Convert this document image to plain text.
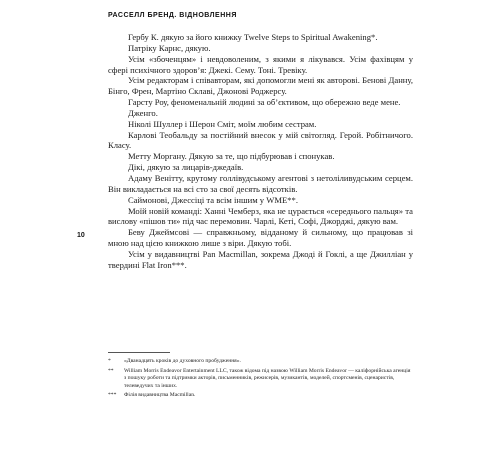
РАССЕЛЛ БРЕНД. ВІДНОВЛЕННЯ
10

Гербу К. дякую за його книжку Twelve Steps to Spiritual Awakening*.

Патріку Карнс, дякую.

Усім «збоченцям» і невдоволеним, з якими я лікувався. Усім фахівцям у сфері психічного здоров’я: Джекі. Сему. Тоні. Тревіку.

Усім редакторам і співавторам, які допомогли мені як авторові. Бенові Данну, Бінго, Френ, Мартіно Склаві, Джонові Роджерсу.

Гарсту Роу, феноменальній людині за об’єктивом, що обережно веде мене.

Дженго.

Ніколі Шуллер і Шерон Сміт, моїм любим сестрам.

Карлові Теобальду за постійний внесок у мій світогляд. Герой. Робітничого. Класу.

Метту Моргану. Дякую за те, що підбурював і спонукав.

Дікі, дякую за лицарів-джедаїв.

Адаму Венітту, крутому голлівудському агентові з нетоліливудським серцем. Він викладається на всі сто за свої десять відсотків.

Саймонові, Джессіці та всім іншим у WME**.

Моїй новій команді: Ханні Чемберз, яка не цурається «середнього пальця» та вислову «пішов ти» під час перемовин. Чарлі, Кеті, Софі, Джорджі, дякую вам.

Беву Джеймсові — справжньому, відданому й сильному, що працював зі мною над цією книжкою лише з віри. Дякую тобі.

Усім у видавництві Pan Macmillan, зокрема Джоді й Гоклі, а ще Джилліан у твердині Flat Iron***.

*	«Дванадцять кроків до духовного пробудження».
**	William Morris Endeavor Entertainment LLC, також відома під назвою William Morris Endeavor — каліфорнійська агенція з пошуку роботи та підтримки акторів, письменників, режисерів, музикантів, моделей, спортсменів, сценаристів, телеведучих та інших.
***	Філія видавництва Macmillan.
